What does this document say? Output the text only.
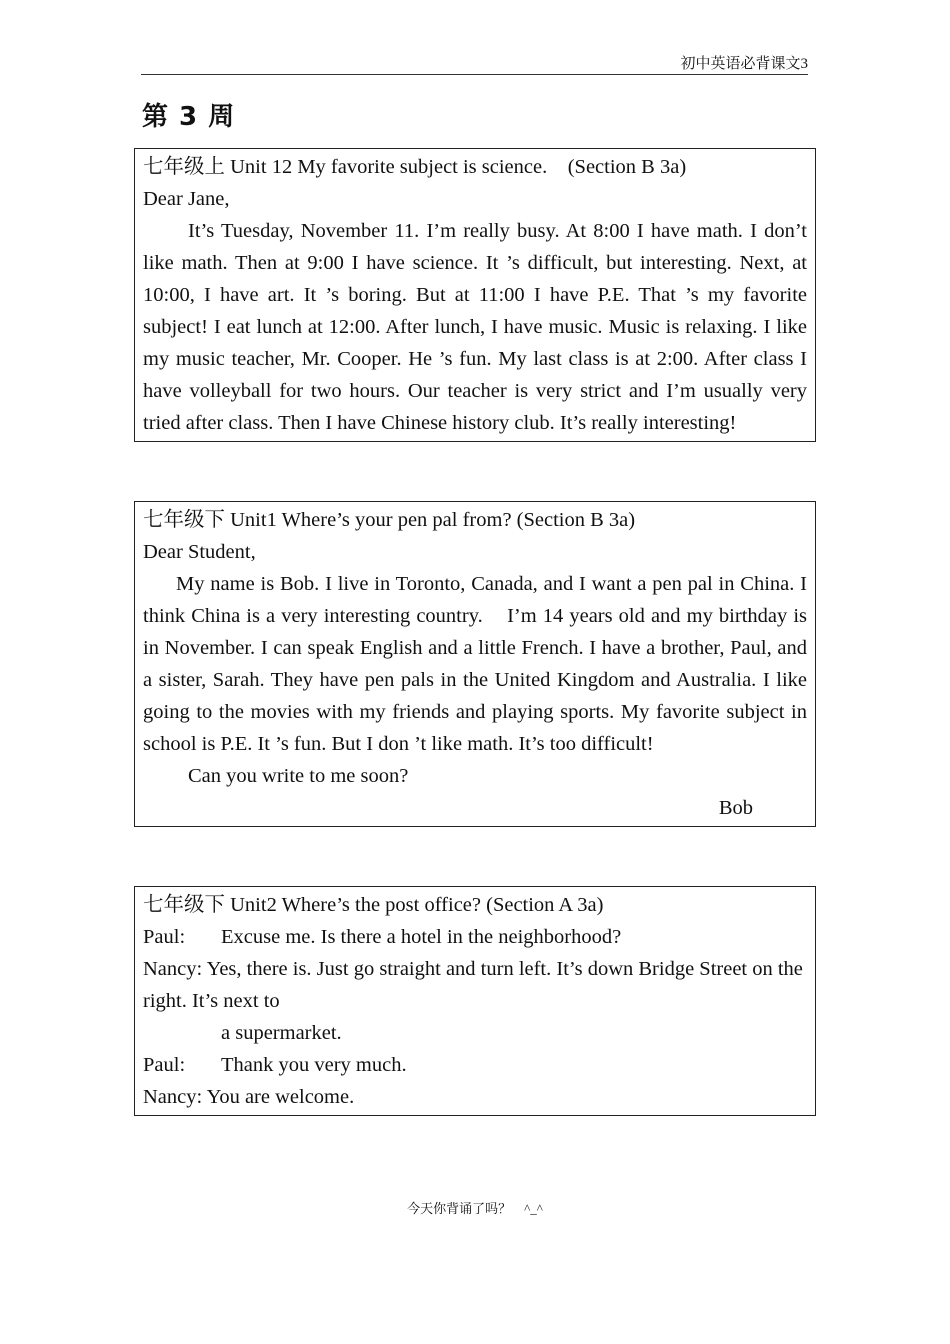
初中英语必背课文3
第 3 周

七年级上 Unit 12 My favorite subject is science.    (Section B 3a)

Dear Jane,

It’s Tuesday, November 11. I’m really busy. At 8:00 I have math. I don’t like math. Then at 9:00 I have science. It ’s difficult, but interesting. Next, at 10:00, I have art. It ’s boring. But at 11:00 I have P.E. That ’s my favorite subject! I eat lunch at 12:00. After lunch, I have music. Music is relaxing. I like my music teacher, Mr. Cooper. He ’s fun. My last class is at 2:00. After class I have volleyball for two hours. Our teacher is very strict and I’m usually very tried after class. Then I have Chinese history club. It’s really interesting!

七年级下 Unit1 Where’s your pen pal from? (Section B 3a)

Dear Student,

My name is Bob. I live in Toronto, Canada, and I want a pen pal in China. I think China is a very interesting country.    I’m 14 years old and my birthday is in November. I can speak English and a little French. I have a brother, Paul, and a sister, Sarah. They have pen pals in the United Kingdom and Australia. I like going to the movies with my friends and playing sports. My favorite subject in school is P.E. It ’s fun. But I don ’t like math. It’s too difficult!

Can you write to me soon?

Bob

七年级下 Unit2 Where’s the post office? (Section A 3a)

Paul:	Excuse me. Is there a hotel in the neighborhood?

Nancy: Yes, there is. Just go straight and turn left. It’s down Bridge Street on the right. It’s next to

a supermarket.

Paul:	Thank you very much.

Nancy: You are welcome.

今天你背诵了吗？    ^_^
